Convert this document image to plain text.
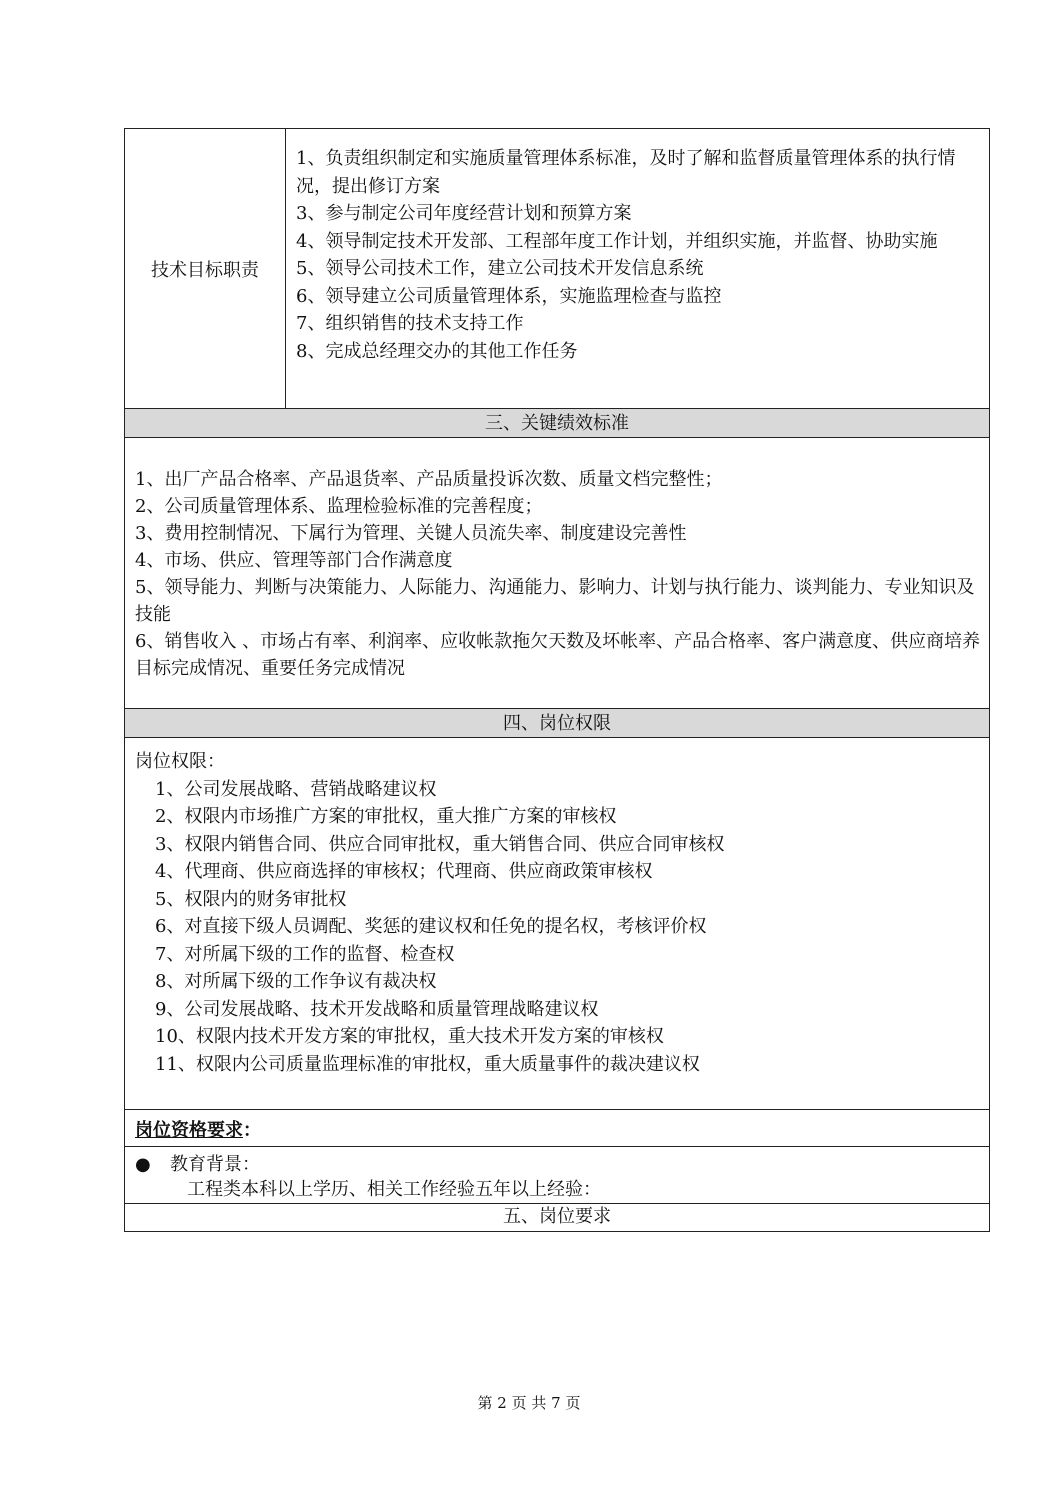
技术目标职责
1、负责组织制定和实施质量管理体系标准，及时了解和监督质量管理体系的执行情况，提出修订方案
3、参与制定公司年度经营计划和预算方案
4、领导制定技术开发部、工程部年度工作计划，并组织实施，并监督、协助实施
5、领导公司技术工作，建立公司技术开发信息系统
6、领导建立公司质量管理体系，实施监理检查与监控
7、组织销售的技术支持工作
8、完成总经理交办的其他工作任务
三、关键绩效标准
1、出厂产品合格率、产品退货率、产品质量投诉次数、质量文档完整性；
2、公司质量管理体系、监理检验标准的完善程度；
3、费用控制情况、下属行为管理、关键人员流失率、制度建设完善性
4、市场、供应、管理等部门合作满意度
5、领导能力、判断与决策能力、人际能力、沟通能力、影响力、计划与执行能力、谈判能力、专业知识及技能
6、销售收入 、市场占有率、利润率、应收帐款拖欠天数及坏帐率、产品合格率、客户满意度、供应商培养目标完成情况、重要任务完成情况
四、岗位权限
岗位权限：
1、公司发展战略、营销战略建议权
2、权限内市场推广方案的审批权，重大推广方案的审核权
3、权限内销售合同、供应合同审批权，重大销售合同、供应合同审核权
4、代理商、供应商选择的审核权；代理商、供应商政策审核权
5、权限内的财务审批权
6、对直接下级人员调配、奖惩的建议权和任免的提名权，考核评价权
7、对所属下级的工作的监督、检查权
8、对所属下级的工作争议有裁决权
9、公司发展战略、技术开发战略和质量管理战略建议权
10、权限内技术开发方案的审批权，重大技术开发方案的审核权
11、权限内公司质量监理标准的审批权，重大质量事件的裁决建议权
岗位资格要求：
● 教育背景：
工程类本科以上学历、相关工作经验五年以上经验：
五、岗位要求
第 2 页 共 7 页
